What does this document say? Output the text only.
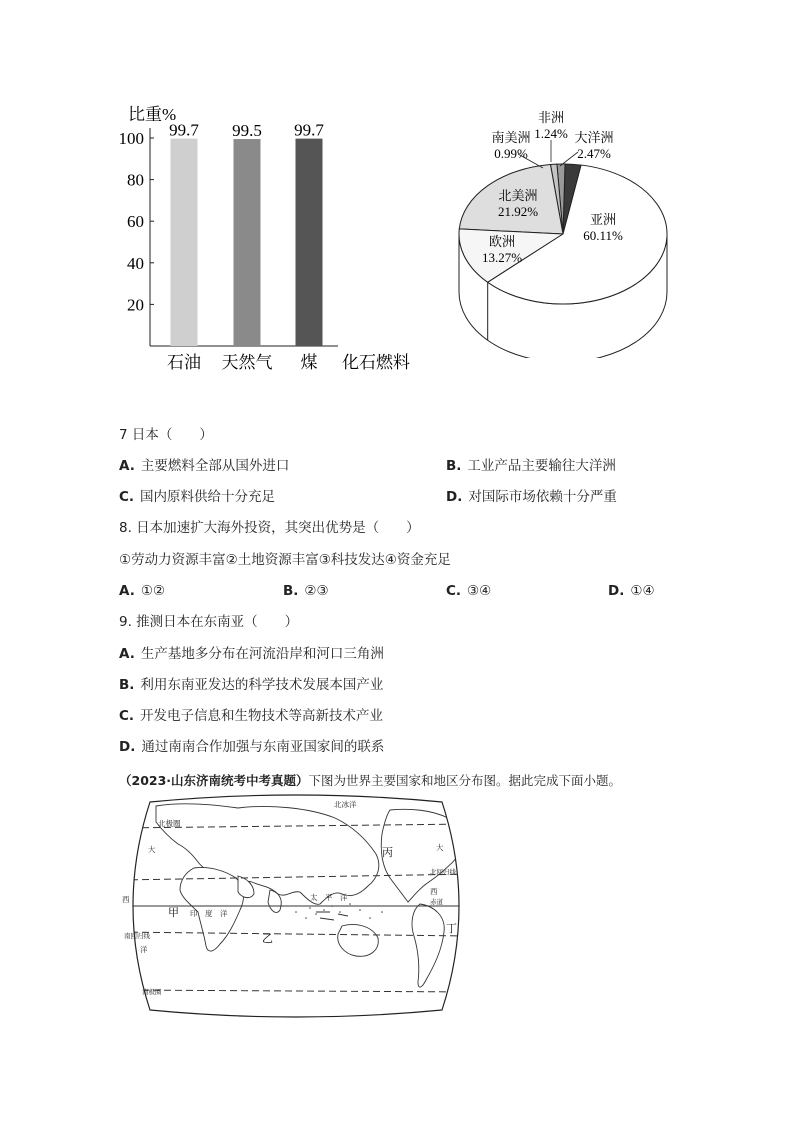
比重%
20
40
60
80
100 99.7
石油
99.5
天然气
99.7
煤 化石燃料
亚洲
60.11%
欧洲
13.27%
北美洲
21.92%
南美洲
0.99%
非洲
1.24% 大洋洲
2.47%
7 日本（　　）
A. 主要燃料全部从国外进口	B. 工业产品主要输往大洋洲
C. 国内原料供给十分充足	D. 对国际市场依赖十分严重
8. 日本加速扩大海外投资，其突出优势是（　　）
①劳动力资源丰富②土地资源丰富③科技发达④资金充足
A. ①②	B. ②③	C. ③④	D. ①④
9. 推测日本在东南亚（　　）
A. 生产基地多分布在河流沿岸和河口三角洲
B. 利用东南亚发达的科学技术发展本国产业
C. 开发电子信息和生物技术等高新技术产业
D. 通过南南合作加强与东南亚国家间的联系
（2023·山东济南统考中考真题）下图为世界主要国家和地区分布图。据此完成下面小题。
北极圈
北冰洋
大	大
西
西
北回归线
赤道
太　平　洋
印　度　洋
南回归线
洋
南极圈
丙
甲
乙
丁
